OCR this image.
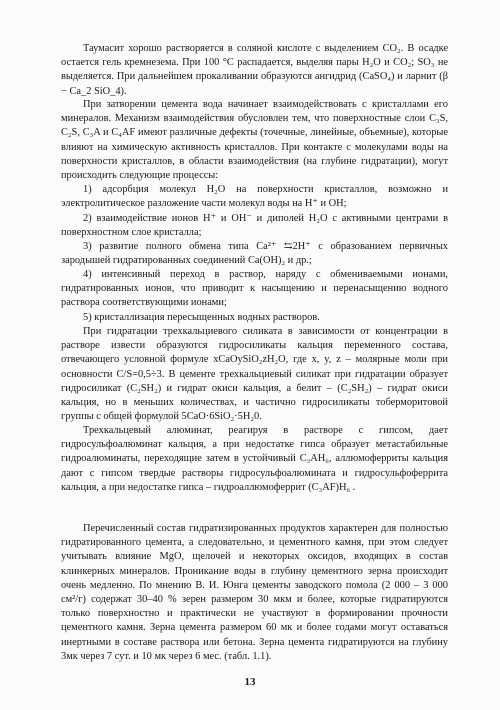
Таумасит хорошо растворяется в соляной кислоте с выделением CO₂. В осадке остается гель кремнезема. При 100 °C распадается, выделяя пары H₂O и CO₂; SO₃ не выделяется. При дальнейшем прокаливании образуются ангидрид (CaSO₄) и ларнит (β − Ca_2 SiO_4).

При затворении цемента вода начинает взаимодействовать с кристаллами его минералов. Механизм взаимодействия обусловлен тем, что поверхностные слои C₃S, C₂S, C₃A и C₄AF имеют различные дефекты (точечные, линейные, объемные), которые влияют на химическую активность кристаллов. При контакте с молекулами воды на поверхности кристаллов, в области взаимодействия (на глубине гидратации), могут происходить следующие процессы:

1) адсорбция молекул H₂O на поверхности кристаллов, возможно и электролитическое разложение части молекул воды на H⁺ и OH;

2) взаимодействие ионов H⁺ и OH⁻ и диполей H₂O с активными центрами в поверхностном слое кристалла;

3) развитие полного обмена типа Ca²⁺ ⇆2H⁺ с образованием первичных зародышей гидратированных соединений Ca(OH)₂ и др.;

4) интенсивный переход в раствор, наряду с обменивaемыми ионами, гидратированных ионов, что приводит к насыщению и перенасыщению водного раствора соответствующими ионами;

5) кристаллизация пересыщенных водных растворов.

При гидратации трехкальциевого силиката в зависимости от концентрации в растворе извести образуются гидросиликаты кальция переменного состава, отвечающего условной формуле xCaOySiO₂zH₂O, где x, y, z – молярные моли при основности C/S=0,5÷3. В цементе трехкальциевый силикат при гидратации образует гидросиликат (C₂SH₂) и гидрат окиси кальция, а белит – (C₂SH₂) – гидрат окиси кальция, но в меньших количествах, и частично гидросиликаты тоберморитовой группы с общей формулой 5CaO·6SiO₂·5H₂0.

Трехкальцевый алюминат, реагируя в растворе с гипсом, дает гидросульфоалюминат кальция, а при недостатке гипса образует метастабильные гидроалюминаты, переходящие затем в устойчивый C₃AH₆, аллюмоферриты кальция дают с гипсом твердые растворы гидросульфоалюмината и гидросульфоферрита кальция, а при недостатке гипса – гидроаллюмоферрит (C₃AF)H₆ .

Перечисленный состав гидратизированных продуктов характерен для полностью гидратированного цемента, а следовательно, и цементного камня, при этом следует учитывать влияние MgO, щелочей и некоторых оксидов, входящих в состав клинкерных минералов. Проникание воды в глубину цементного зерна происходит очень медленно. По мнению В. И. Юнга цементы заводского помола (2 000 – 3 000 см²/г) содержат 30–40 % зерен размером 30 мкм и более, которые гидратируются только поверхностно и практически не участвуют в формировании прочности цементного камня. Зерна цемента размером 60 мк и более годами могут оставаться инертными в составе раствора или бетона. Зерна цемента гидратируются на глубину 3мк через 7 сут. и 10 мк через 6 мес. (табл. 1.1).

13
